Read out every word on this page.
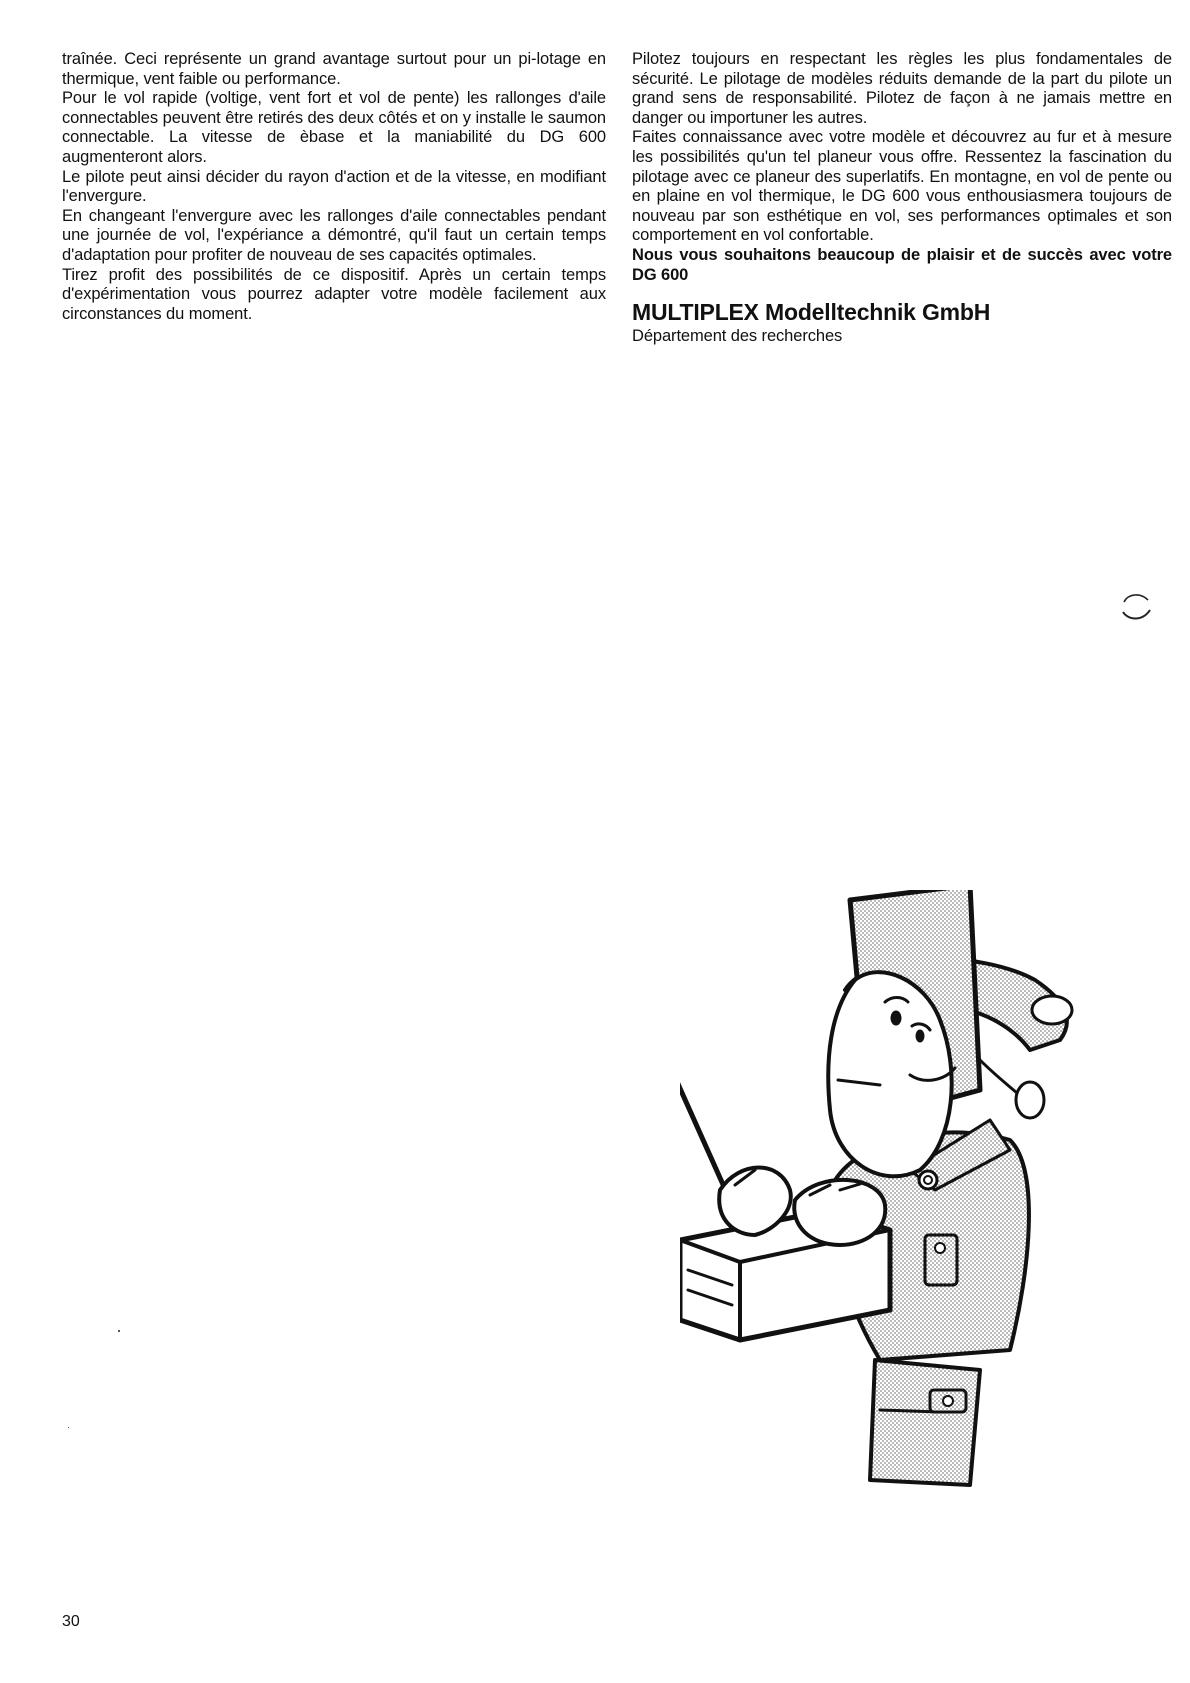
traînée. Ceci représente un grand avantage surtout pour un pi-lotage en thermique, vent faible ou performance.

Pour le vol rapide (voltige, vent fort et vol de pente) les rallonges d'aile connectables peuvent être retirés des deux côtés et on y installe le saumon connectable. La vitesse de èbase et la maniabilité du DG 600 augmenteront alors.

Le pilote peut ainsi décider du rayon d'action et de la vitesse, en modifiant l'envergure.

En changeant l'envergure avec les rallonges d'aile connectables pendant une journée de vol, l'expériance a démontré, qu'il faut un certain temps d'adaptation pour profiter de nouveau de ses capacités optimales.

Tirez profit des possibilités de ce dispositif. Après un certain temps d'expérimentation vous pourrez adapter votre modèle facilement aux circonstances du moment.

Pilotez toujours en respectant les règles les plus fondamentales de sécurité. Le pilotage de modèles réduits demande de la part du pilote un grand sens de responsabilité. Pilotez de façon à ne jamais mettre en danger ou importuner les autres.

Faites connaissance avec votre modèle et découvrez au fur et à mesure les possibilités qu'un tel planeur vous offre. Ressentez la fascination du pilotage avec ce planeur des superlatifs. En montagne, en vol de pente ou en plaine en vol thermique, le DG 600 vous enthousiasmera toujours de nouveau par son esthétique en vol, ses performances optimales et son comportement en vol confortable.

Nous vous souhaitons beaucoup de plaisir et de succès avec votre DG 600

MULTIPLEX Modelltechnik GmbH
Département des recherches
30
